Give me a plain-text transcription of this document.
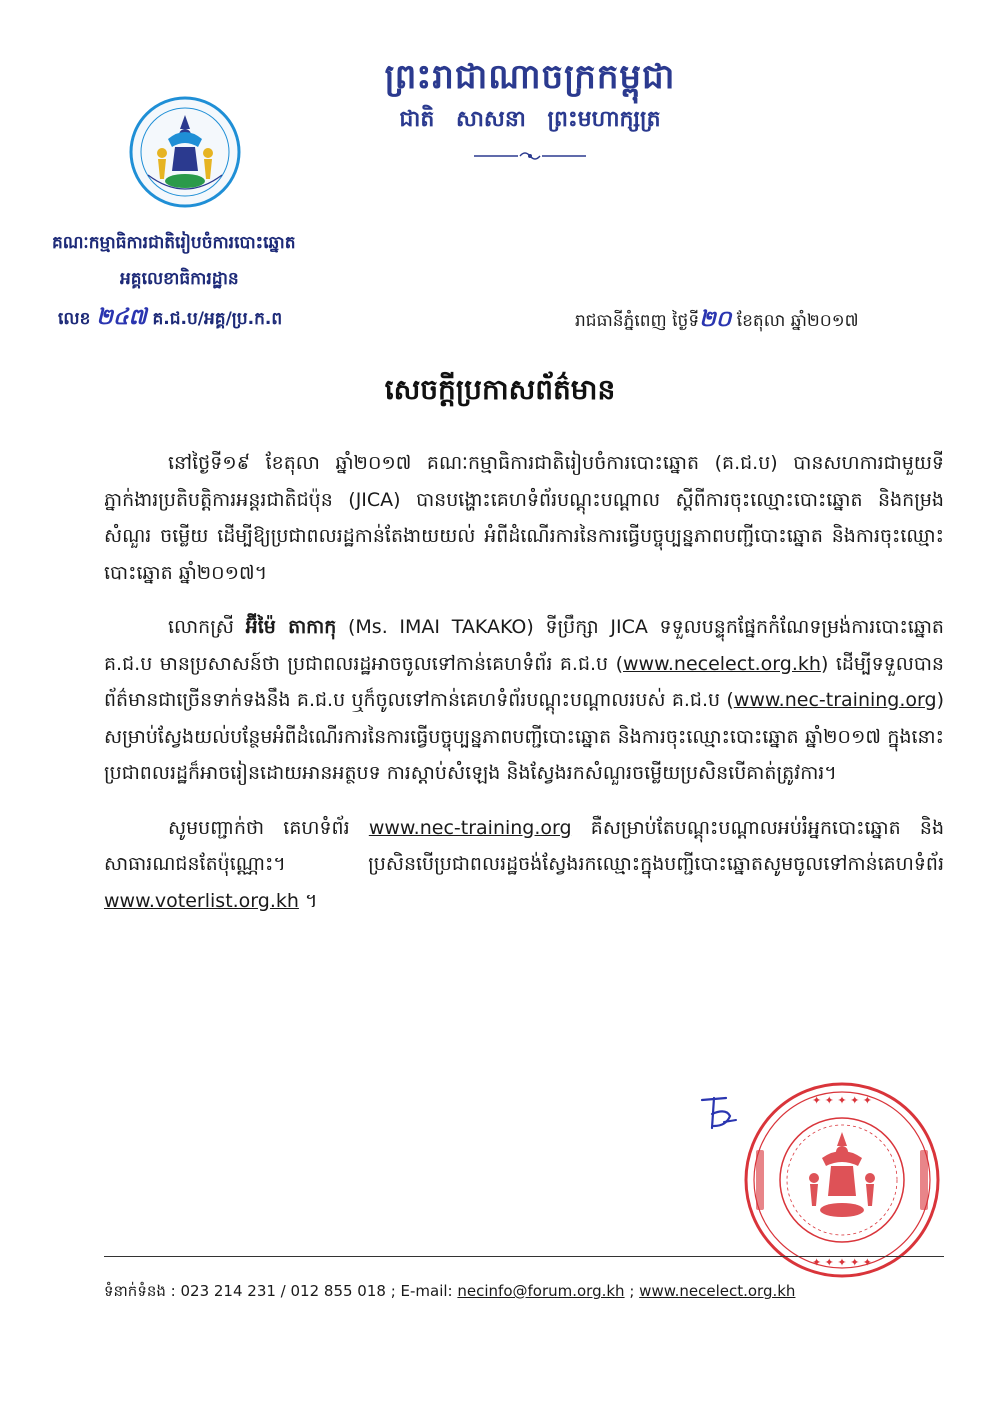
ព្រះរាជាណាចក្រកម្ពុជា
ជាតិ សាសនា ព្រះមហាក្សត្រ
គណៈកម្មាធិការជាតិរៀបចំការបោះឆ្នោត
អគ្គលេខាធិការដ្ឋាន
លេខ ២៤៧ គ.ជ.ប/អគ្គ/ប្រ.ក.ព	រាជធានីភ្នំពេញ ថ្ងៃទី២០ ខែតុលា ឆ្នាំ២០១៧
សេចក្តីប្រកាសព័ត៌មាន

នៅថ្ងៃទី១៩ ខែតុលា ឆ្នាំ២០១៧ គណៈកម្មាធិការជាតិរៀបចំការបោះឆ្នោត (គ.ជ.ប) បានសហការជាមួយទីភ្នាក់ងារប្រតិបត្តិការអន្តរជាតិជប៉ុន (JICA) បានបង្ហោះគេហទំព័របណ្តុះបណ្តាល ស្តីពីការចុះឈ្មោះបោះឆ្នោត និងកម្រងសំណួរ ចម្លើយ ដើម្បីឱ្យប្រជាពលរដ្ឋកាន់តែងាយយល់ អំពីដំណើរការនៃការធ្វើបច្ចុប្បន្នភាពបញ្ជីបោះឆ្នោត និងការចុះឈ្មោះបោះឆ្នោត ឆ្នាំ២០១៧។

លោកស្រី អ៊ីម៉ៃ តាកាកុ (Ms. IMAI TAKAKO) ទីប្រឹក្សា JICA ទទួលបន្ទុកផ្នែកកំណែទម្រង់ការបោះឆ្នោត គ.ជ.ប មានប្រសាសន៍ថា ប្រជាពលរដ្ឋអាចចូលទៅកាន់គេហទំព័រ គ.ជ.ប (www.necelect.org.kh) ដើម្បីទទួលបានព័ត៌មានជាច្រើនទាក់ទងនឹង គ.ជ.ប ឬក៏ចូលទៅកាន់គេហទំព័របណ្តុះបណ្តាលរបស់ គ.ជ.ប (www.nec-training.org) សម្រាប់ស្វែងយល់បន្ថែមអំពីដំណើរការនៃការធ្វើបច្ចុប្បន្នភាពបញ្ជីបោះឆ្នោត និងការចុះឈ្មោះបោះឆ្នោត ឆ្នាំ២០១៧ ក្នុងនោះប្រជាពលរដ្ឋក៏អាចរៀនដោយអានអត្ថបទ ការស្តាប់សំឡេង និងស្វែងរកសំណួរចម្លើយប្រសិនបើគាត់ត្រូវការ។

សូមបញ្ជាក់ថា គេហទំព័រ www.nec-training.org គឺសម្រាប់តែបណ្តុះបណ្តាលអប់រំអ្នកបោះឆ្នោត និងសាធារណជនតែប៉ុណ្ណោះ។ ប្រសិនបើប្រជាពលរដ្ឋចង់ស្វែងរកឈ្មោះក្នុងបញ្ជីបោះឆ្នោតសូមចូលទៅកាន់គេហទំព័រ www.voterlist.org.kh ។

✦ ✦ ✦ ✦ ✦
✦ ✦ ✦ ✦ ✦
ទំនាក់ទំនង : 023 214 231 / 012 855 018 ; E-mail: necinfo@forum.org.kh ; www.necelect.org.kh
